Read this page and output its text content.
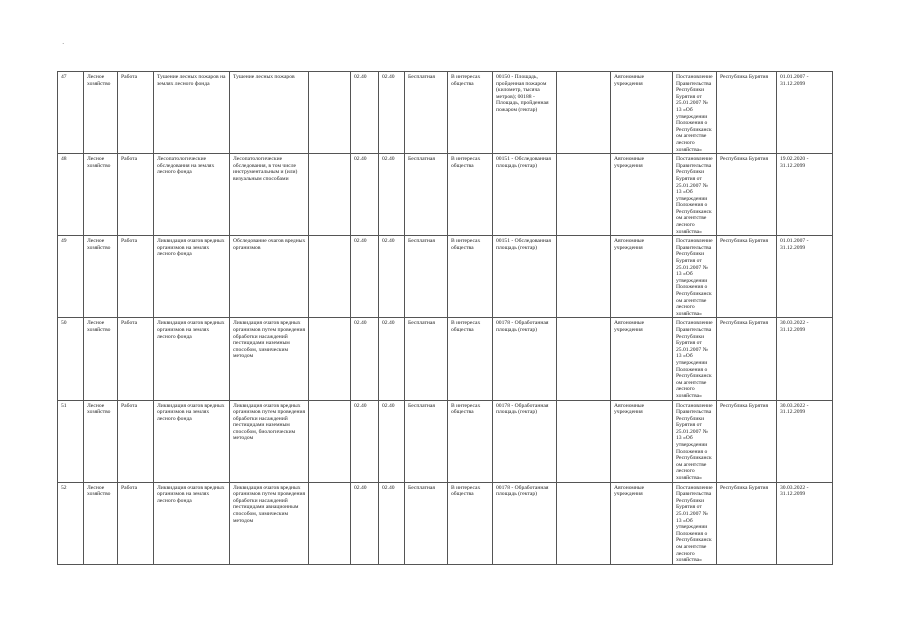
·
47	Лесное хозяйство	Работа	Тушение лесных пожаров на землях лесного фонда	Тушение лесных пожаров		02.40	02.40	Бесплатная	В интересах общества	00150 - Площадь, пройденная пожаром (километр, тысяча метров); 00188 - Площадь, пройденная пожаром (гектар)		Автономные учреждения	Постановление Правительства Республики Бурятия от 25.01.2007 № 13 «Об утверждении Положения о Республиканском агентстве лесного хозяйства»	Республика Бурятия	01.01.2007 - 31.12.2099
48	Лесное хозяйство	Работа	Лесопатологические обследования на землях лесного фонда	Лесопатологические обследования, в том числе инструментальным и (или) визуальным способами		02.40	02.40	Бесплатная	В интересах общества	00151 - Обследованная площадь (гектар)		Автономные учреждения	Постановление Правительства Республики Бурятия от 25.01.2007 № 13 «Об утверждении Положения о Республиканском агентстве лесного хозяйства»	Республика Бурятия	19.02.2020 - 31.12.2099
49	Лесное хозяйство	Работа	Ликвидация очагов вредных организмов на землях лесного фонда	Обследование очагов вредных организмов		02.40	02.40	Бесплатная	В интересах общества	00151 - Обследованная площадь (гектар)		Автономные учреждения	Постановление Правительства Республики Бурятия от 25.01.2007 № 13 «Об утверждении Положения о Республиканском агентстве лесного хозяйства»	Республика Бурятия	01.01.2007 - 31.12.2099
50	Лесное хозяйство	Работа	Ликвидация очагов вредных организмов на землях лесного фонда	Ликвидация очагов вредных организмов путем проведения обработки насаждений пестицидами наземным способом, химическим методом		02.40	02.40	Бесплатная	В интересах общества	00178 - Обработанная площадь (гектар)		Автономные учреждения	Постановление Правительства Республики Бурятия от 25.01.2007 № 13 «Об утверждении Положения о Республиканском агентстве лесного хозяйства»	Республика Бурятия	30.03.2022 - 31.12.2099
51	Лесное хозяйство	Работа	Ликвидация очагов вредных организмов на землях лесного фонда	Ликвидация очагов вредных организмов путем проведения обработки насаждений пестицидами наземным способом, биологическим методом		02.40	02.40	Бесплатная	В интересах общества	00178 - Обработанная площадь (гектар)		Автономные учреждения	Постановление Правительства Республики Бурятия от 25.01.2007 № 13 «Об утверждении Положения о Республиканском агентстве лесного хозяйства»	Республика Бурятия	30.03.2022 - 31.12.2099
52	Лесное хозяйство	Работа	Ликвидация очагов вредных организмов на землях лесного фонда	Ликвидация очагов вредных организмов путем проведения обработки насаждений пестицидами авиационным способом, химическим методом		02.40	02.40	Бесплатная	В интересах общества	00178 - Обработанная площадь (гектар)		Автономные учреждения	Постановление Правительства Республики Бурятия от 25.01.2007 № 13 «Об утверждении Положения о Республиканском агентстве лесного хозяйства»	Республика Бурятия	30.03.2022 - 31.12.2099
